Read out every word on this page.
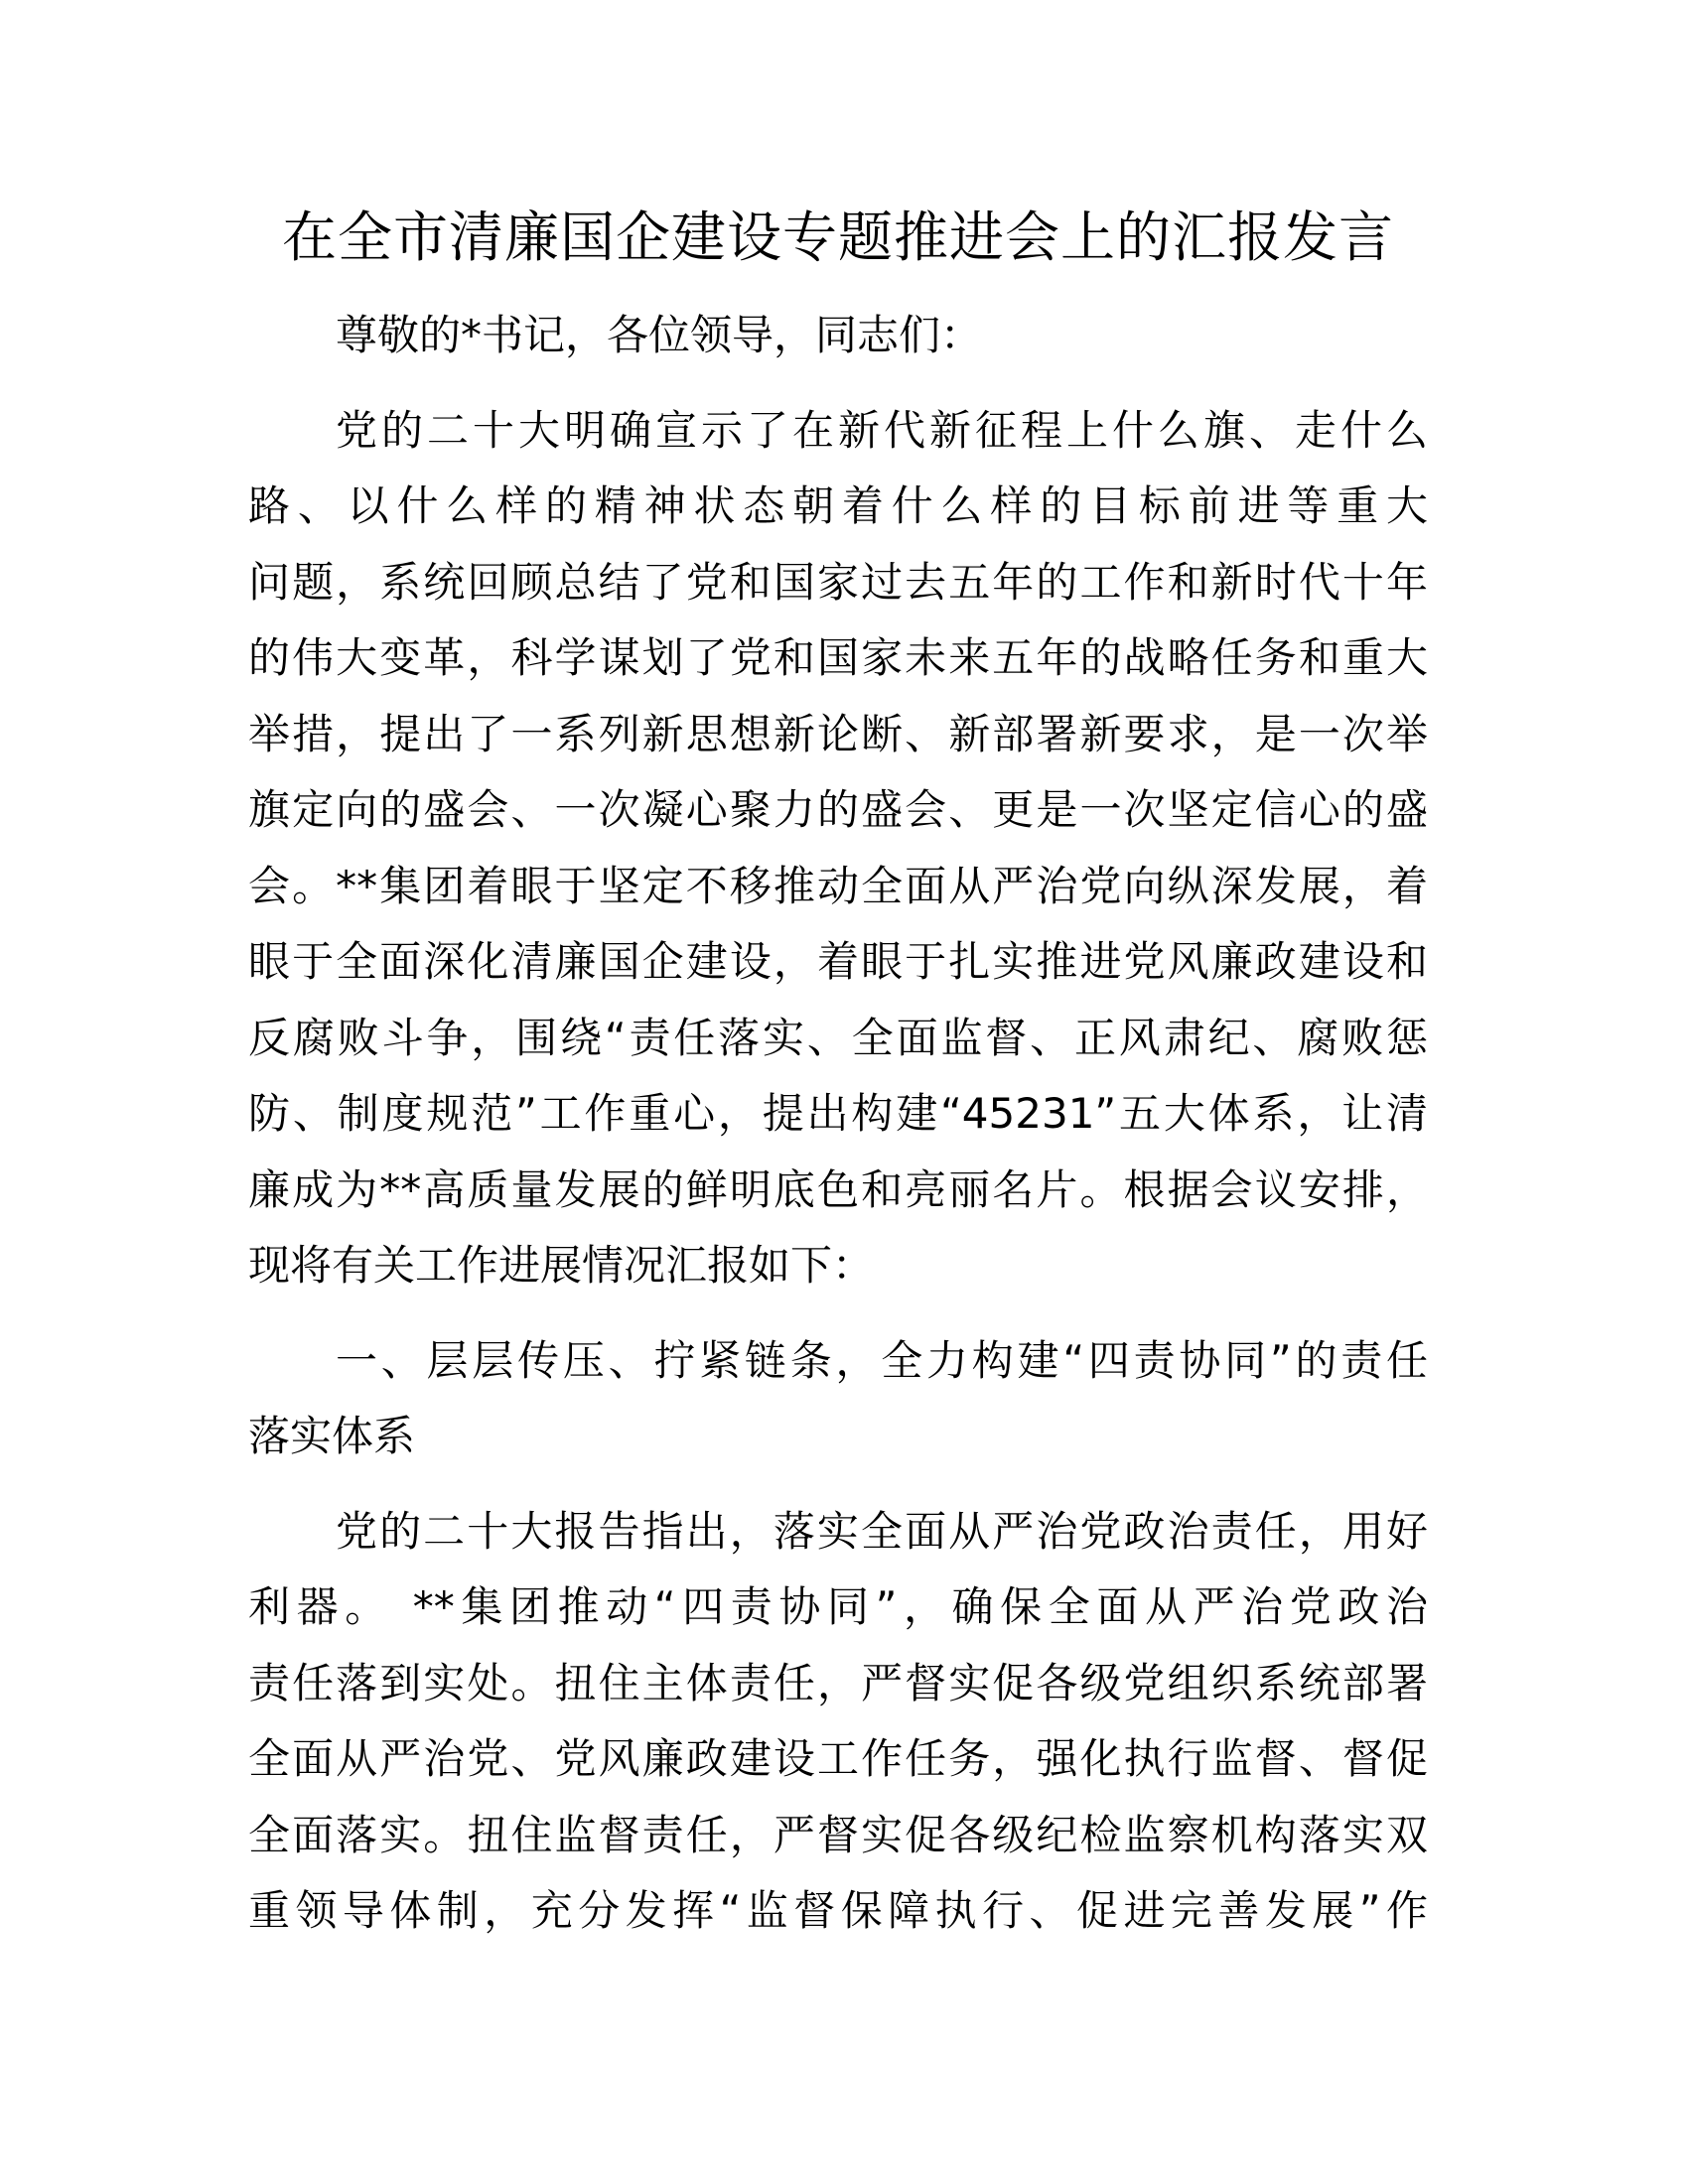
在全市清廉国企建设专题推进会上的汇报发言
尊敬的*书记，各位领导，同志们：
党的二十大明确宣示了在新代新征程上什么旗、走什么
路、以什么样的精神状态朝着什么样的目标前进等重大
问题，系统回顾总结了党和国家过去五年的工作和新时代十年
的伟大变革，科学谋划了党和国家未来五年的战略任务和重大
举措，提出了一系列新思想新论断、新部署新要求，是一次举
旗定向的盛会、一次凝心聚力的盛会、更是一次坚定信心的盛
会。**集团着眼于坚定不移推动全面从严治党向纵深发展，着
眼于全面深化清廉国企建设，着眼于扎实推进党风廉政建设和
反腐败斗争，围绕“责任落实、全面监督、正风肃纪、腐败惩
防、制度规范”工作重心，提出构建“45231”五大体系，让清
廉成为**高质量发展的鲜明底色和亮丽名片。根据会议安排，
现将有关工作进展情况汇报如下：
一、层层传压、拧紧链条，全力构建“四责协同”的责任
落实体系
党的二十大报告指出，落实全面从严治党政治责任，用好
利器。 **集团推动“四责协同”，确保全面从严治党政治
责任落到实处。扭住主体责任，严督实促各级党组织系统部署
全面从严治党、党风廉政建设工作任务，强化执行监督、督促
全面落实。扭住监督责任，严督实促各级纪检监察机构落实双
重领导体制，充分发挥“监督保障执行、促进完善发展”作
